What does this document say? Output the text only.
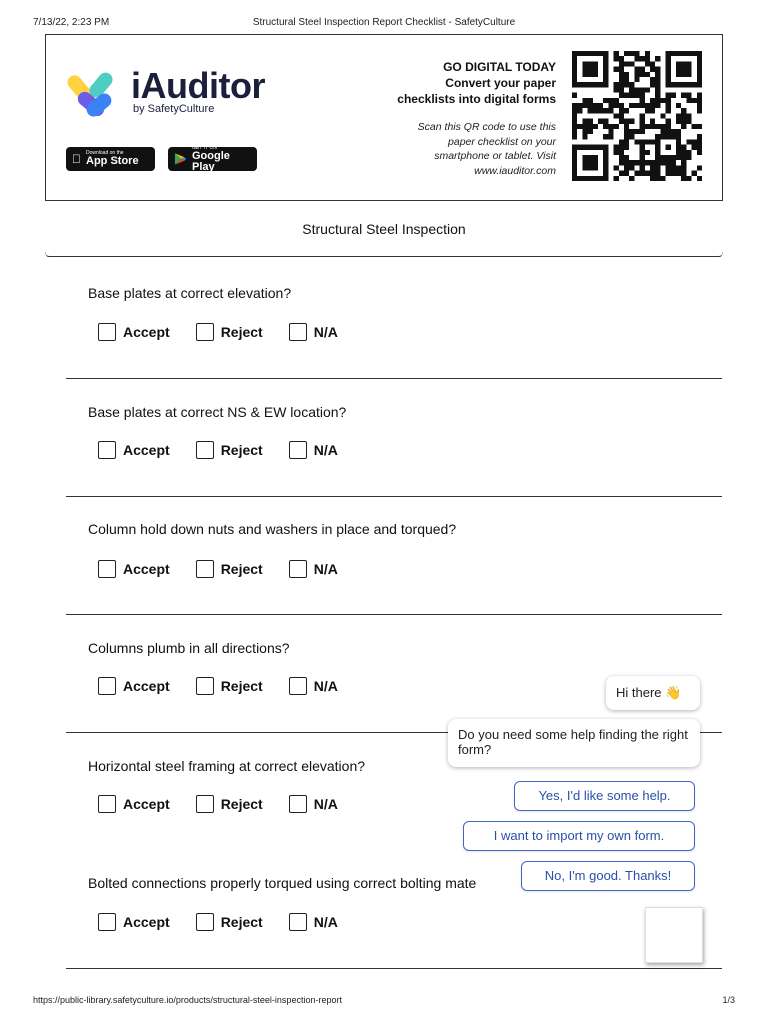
7/13/22, 2:23 PM	Structural Steel Inspection Report Checklist - SafetyCulture
iAuditor
by SafetyCulture
Download on the
App Store
GET IT ON
Google Play
GO DIGITAL TODAY
Convert your paper
checklists into digital forms
Scan this QR code to use this
paper checklist on your
smartphone or tablet. Visit
www.iauditor.com
Structural Steel Inspection
Base plates at correct elevation?
Accept	Reject	N/A
Base plates at correct NS & EW location?
Accept	Reject	N/A
Column hold down nuts and washers in place and torqued?
Accept	Reject	N/A
Columns plumb in all directions?
Accept	Reject	N/A
Horizontal steel framing at correct elevation?
Accept	Reject	N/A
Bolted connections properly torqued using correct bolting mate
Accept	Reject	N/A
Hi there 👋
Do you need some help finding the right form?
Yes, I'd like some help.
I want to import my own form.
No, I'm good. Thanks!
https://public-library.safetyculture.io/products/structural-steel-inspection-report	1/3
